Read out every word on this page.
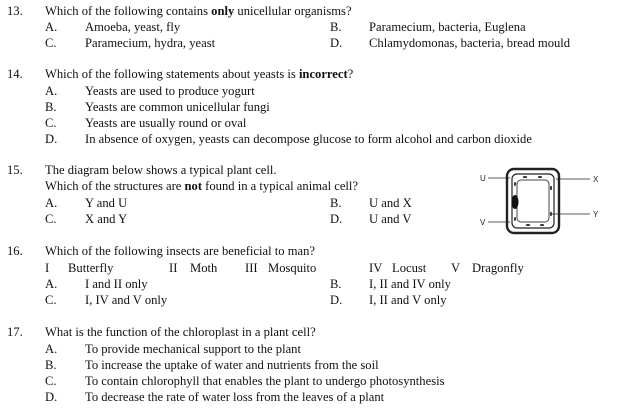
13. Which of the following contains only unicellular organisms?
A. Amoeba, yeast, fly	B. Paramecium, bacteria, Euglena
C. Paramecium, hydra, yeast	D. Chlamydomonas, bacteria, bread mould
14. Which of the following statements about yeasts is incorrect?
A. Yeasts are used to produce yogurt
B. Yeasts are common unicellular fungi
C. Yeasts are usually round or oval
D. In absence of oxygen, yeasts can decompose glucose to form alcohol and carbon dioxide
15. The diagram below shows a typical plant cell.
Which of the structures are not found in a typical animal cell?
A. Y and U	B. U and X
C. X and Y	D. U and V
U
V
X
Y
16. Which of the following insects are beneficial to man?
I Butterfly	II Moth III Mosquito	IV Locust V Dragonfly
A. I and II only	B. I, II and IV only
C. I, IV and V only	D. I, II and V only
17. What is the function of the chloroplast in a plant cell?
A. To provide mechanical support to the plant
B. To increase the uptake of water and nutrients from the soil
C. To contain chlorophyll that enables the plant to undergo photosynthesis
D. To decrease the rate of water loss from the leaves of a plant
